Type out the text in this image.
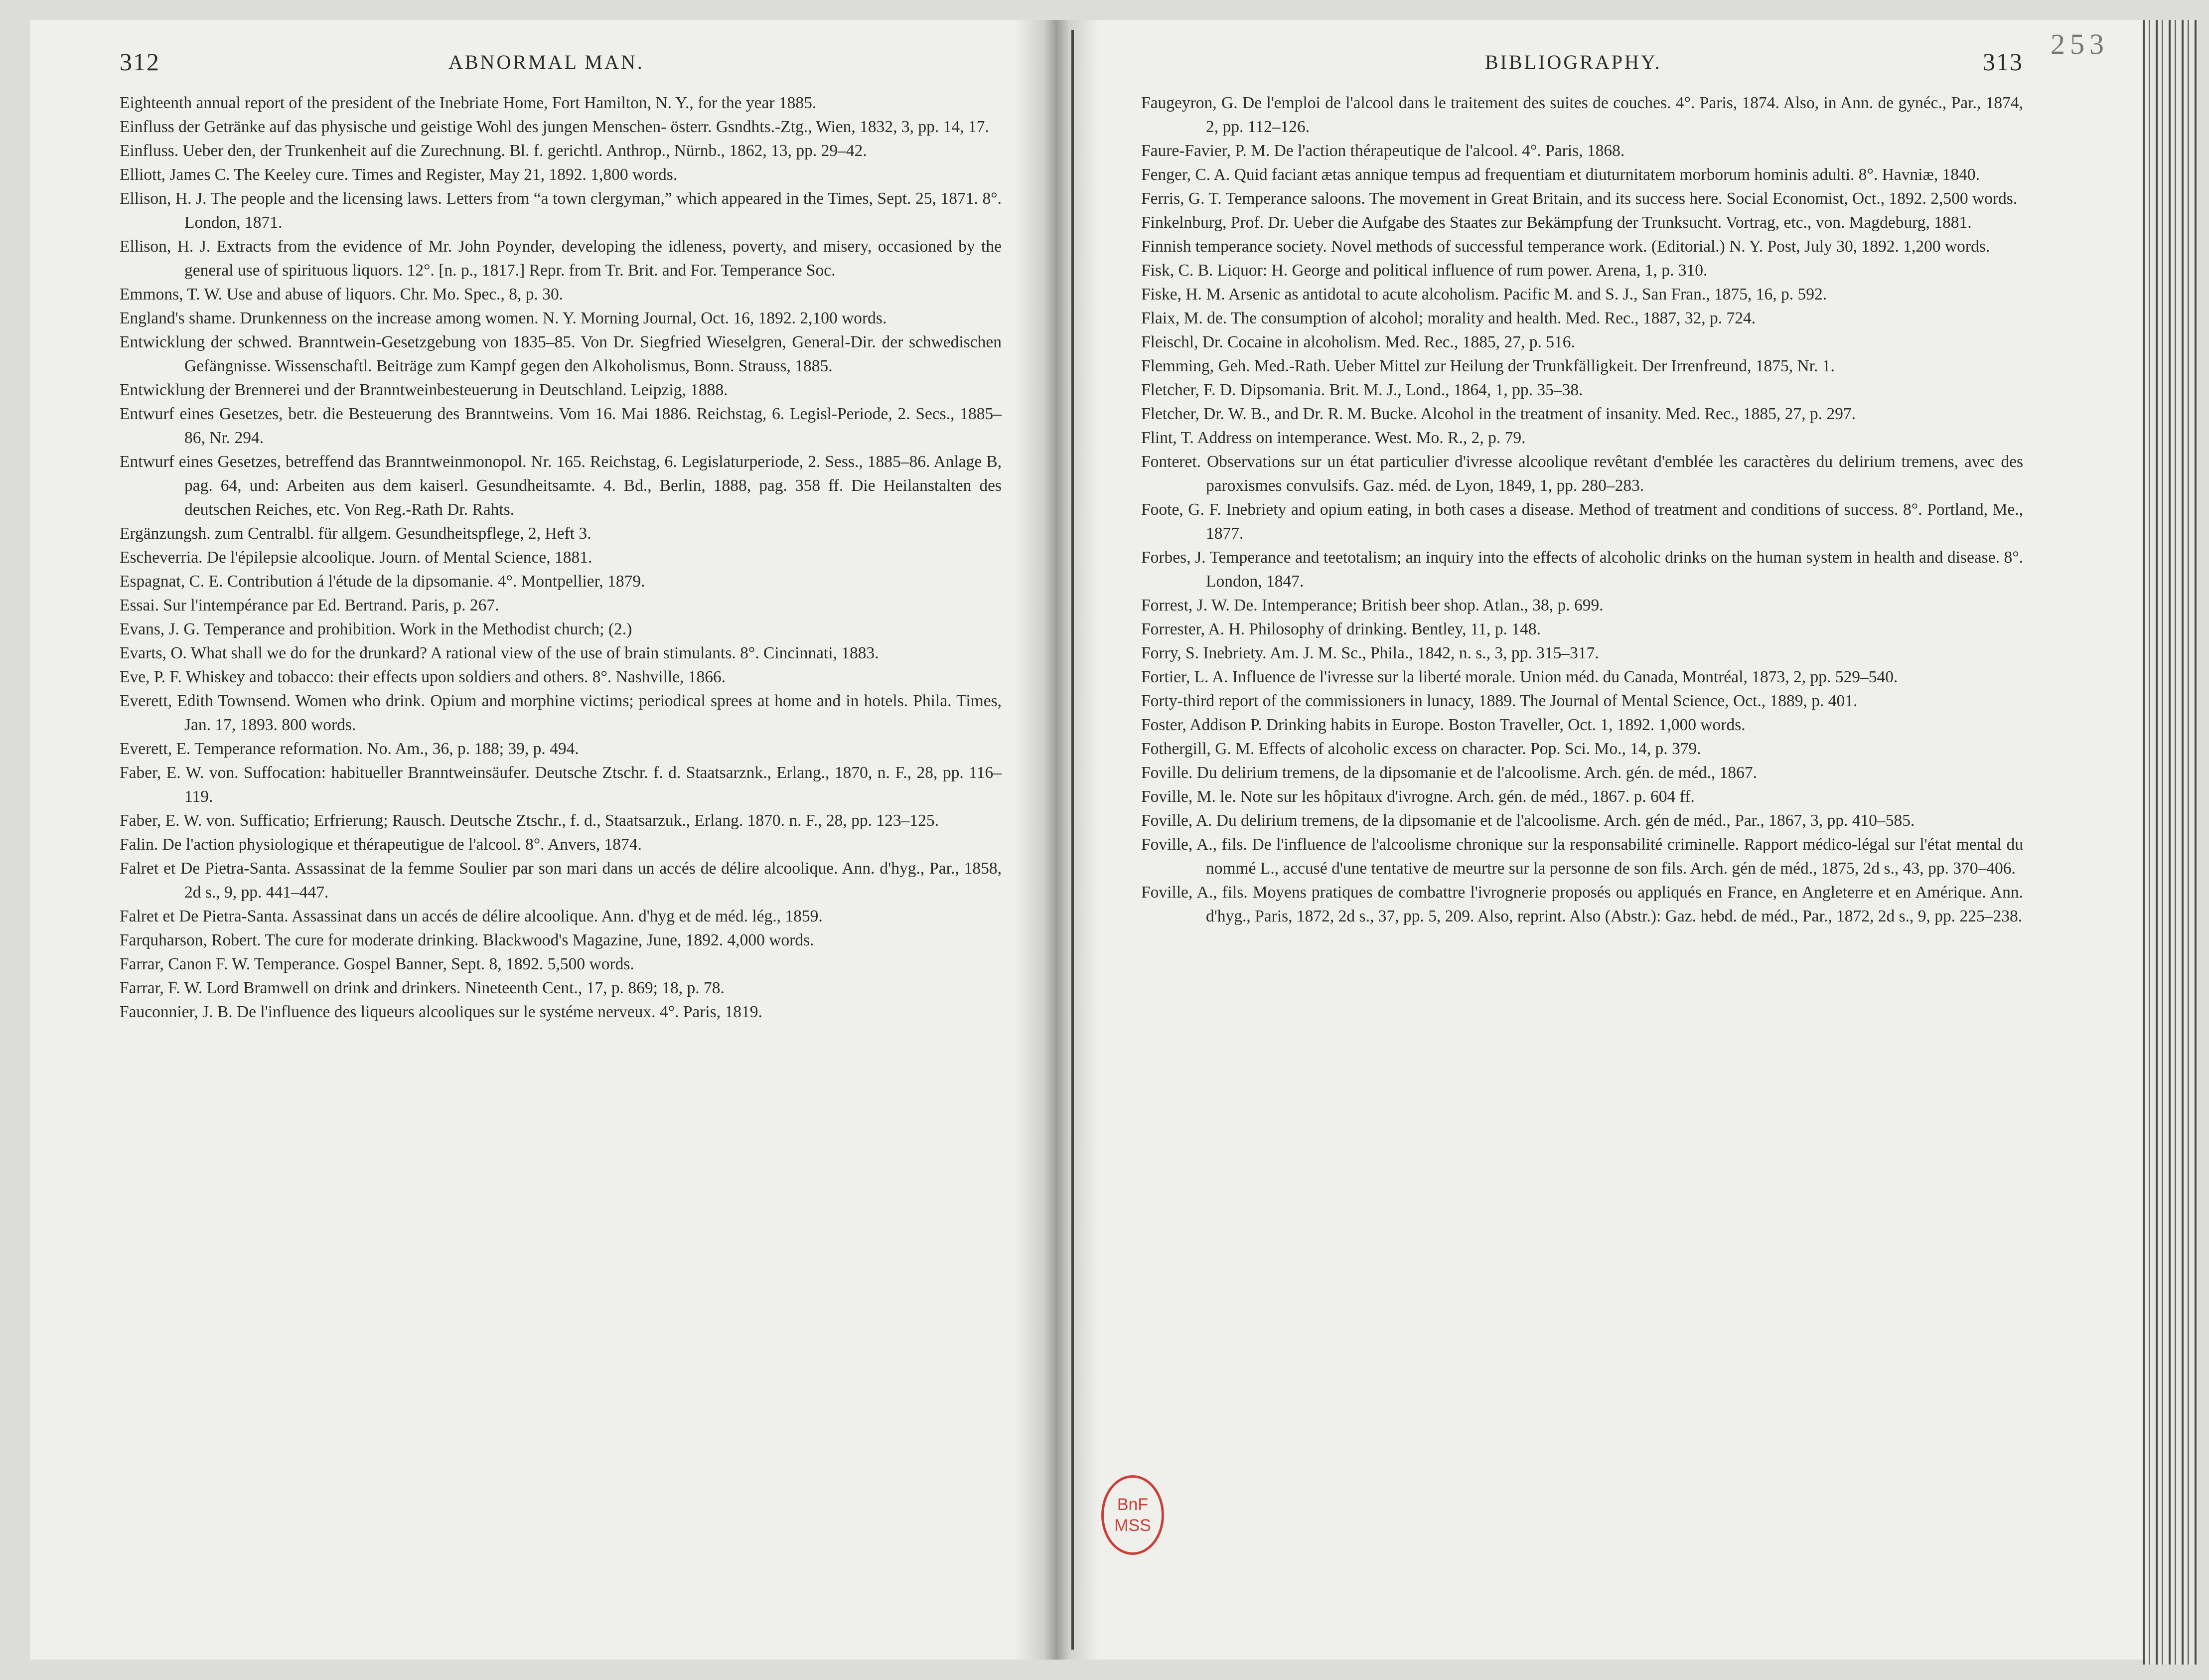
253
312	ABNORMAL MAN.
Eighteenth annual report of the president of the Inebriate Home, Fort Hamilton, N. Y., for the year 1885.
Einfluss der Getränke auf das physische und geistige Wohl des jungen Menschen- österr. Gsndhts.-Ztg., Wien, 1832, 3, pp. 14, 17.
Einfluss. Ueber den, der Trunkenheit auf die Zurechnung. Bl. f. gerichtl. Anthrop., Nürnb., 1862, 13, pp. 29–42.
Elliott, James C. The Keeley cure. Times and Register, May 21, 1892. 1,800 words.
Ellison, H. J. The people and the licensing laws. Letters from “a town clergyman,” which appeared in the Times, Sept. 25, 1871. 8°. London, 1871.
Ellison, H. J. Extracts from the evidence of Mr. John Poynder, developing the idleness, poverty, and misery, occasioned by the general use of spirituous liquors. 12°. [n. p., 1817.] Repr. from Tr. Brit. and For. Temperance Soc.
Emmons, T. W. Use and abuse of liquors. Chr. Mo. Spec., 8, p. 30.
England's shame. Drunkenness on the increase among women. N. Y. Morning Journal, Oct. 16, 1892. 2,100 words.
Entwicklung der schwed. Branntwein-Gesetzgebung von 1835–85. Von Dr. Siegfried Wieselgren, General-Dir. der schwedischen Gefängnisse. Wissenschaftl. Beiträge zum Kampf gegen den Alkoholismus, Bonn. Strauss, 1885.
Entwicklung der Brennerei und der Branntweinbesteuerung in Deutschland. Leipzig, 1888.
Entwurf eines Gesetzes, betr. die Besteuerung des Branntweins. Vom 16. Mai 1886. Reichstag, 6. Legisl-Periode, 2. Secs., 1885–86, Nr. 294.
Entwurf eines Gesetzes, betreffend das Branntweinmonopol. Nr. 165. Reichstag, 6. Legislaturperiode, 2. Sess., 1885–86. Anlage B, pag. 64, und: Arbeiten aus dem kaiserl. Gesundheitsamte. 4. Bd., Berlin, 1888, pag. 358 ff. Die Heilanstalten des deutschen Reiches, etc. Von Reg.-Rath Dr. Rahts.
Ergänzungsh. zum Centralbl. für allgem. Gesundheitspflege, 2, Heft 3.
Escheverria. De l'épilepsie alcoolique. Journ. of Mental Science, 1881.
Espagnat, C. E. Contribution á l'étude de la dipsomanie. 4°. Montpellier, 1879.
Essai. Sur l'intempérance par Ed. Bertrand. Paris, p. 267.
Evans, J. G. Temperance and prohibition. Work in the Methodist church; (2.)
Evarts, O. What shall we do for the drunkard? A rational view of the use of brain stimulants. 8°. Cincinnati, 1883.
Eve, P. F. Whiskey and tobacco: their effects upon soldiers and others. 8°. Nashville, 1866.
Everett, Edith Townsend. Women who drink. Opium and morphine victims; periodical sprees at home and in hotels. Phila. Times, Jan. 17, 1893. 800 words.
Everett, E. Temperance reformation. No. Am., 36, p. 188; 39, p. 494.
Faber, E. W. von. Suffocation: habitueller Branntweinsäufer. Deutsche Ztschr. f. d. Staatsarznk., Erlang., 1870, n. F., 28, pp. 116–119.
Faber, E. W. von. Sufficatio; Erfrierung; Rausch. Deutsche Ztschr., f. d., Staatsarzuk., Erlang. 1870. n. F., 28, pp. 123–125.
Falin. De l'action physiologique et thérapeutigue de l'alcool. 8°. Anvers, 1874.
Falret et De Pietra-Santa. Assassinat de la femme Soulier par son mari dans un accés de délire alcoolique. Ann. d'hyg., Par., 1858, 2d s., 9, pp. 441–447.
Falret et De Pietra-Santa. Assassinat dans un accés de délire alcoolique. Ann. d'hyg et de méd. lég., 1859.
Farquharson, Robert. The cure for moderate drinking. Blackwood's Magazine, June, 1892. 4,000 words.
Farrar, Canon F. W. Temperance. Gospel Banner, Sept. 8, 1892. 5,500 words.
Farrar, F. W. Lord Bramwell on drink and drinkers. Nineteenth Cent., 17, p. 869; 18, p. 78.
Fauconnier, J. B. De l'influence des liqueurs alcooliques sur le systéme nerveux. 4°. Paris, 1819.
BIBLIOGRAPHY.	313
Faugeyron, G. De l'emploi de l'alcool dans le traitement des suites de couches. 4°. Paris, 1874. Also, in Ann. de gynéc., Par., 1874, 2, pp. 112–126.
Faure-Favier, P. M. De l'action thérapeutique de l'alcool. 4°. Paris, 1868.
Fenger, C. A. Quid faciant ætas annique tempus ad frequentiam et diuturnitatem morborum hominis adulti. 8°. Havniæ, 1840.
Ferris, G. T. Temperance saloons. The movement in Great Britain, and its success here. Social Economist, Oct., 1892. 2,500 words.
Finkelnburg, Prof. Dr. Ueber die Aufgabe des Staates zur Bekämpfung der Trunksucht. Vortrag, etc., von. Magdeburg, 1881.
Finnish temperance society. Novel methods of successful temperance work. (Editorial.) N. Y. Post, July 30, 1892. 1,200 words.
Fisk, C. B. Liquor: H. George and political influence of rum power. Arena, 1, p. 310.
Fiske, H. M. Arsenic as antidotal to acute alcoholism. Pacific M. and S. J., San Fran., 1875, 16, p. 592.
Flaix, M. de. The consumption of alcohol; morality and health. Med. Rec., 1887, 32, p. 724.
Fleischl, Dr. Cocaine in alcoholism. Med. Rec., 1885, 27, p. 516.
Flemming, Geh. Med.-Rath. Ueber Mittel zur Heilung der Trunkfälligkeit. Der Irrenfreund, 1875, Nr. 1.
Fletcher, F. D. Dipsomania. Brit. M. J., Lond., 1864, 1, pp. 35–38.
Fletcher, Dr. W. B., and Dr. R. M. Bucke. Alcohol in the treatment of insanity. Med. Rec., 1885, 27, p. 297.
Flint, T. Address on intemperance. West. Mo. R., 2, p. 79.
Fonteret. Observations sur un état particulier d'ivresse alcoolique revêtant d'emblée les caractères du delirium tremens, avec des paroxismes convulsifs. Gaz. méd. de Lyon, 1849, 1, pp. 280–283.
Foote, G. F. Inebriety and opium eating, in both cases a disease. Method of treatment and conditions of success. 8°. Portland, Me., 1877.
Forbes, J. Temperance and teetotalism; an inquiry into the effects of alcoholic drinks on the human system in health and disease. 8°. London, 1847.
Forrest, J. W. De. Intemperance; British beer shop. Atlan., 38, p. 699.
Forrester, A. H. Philosophy of drinking. Bentley, 11, p. 148.
Forry, S. Inebriety. Am. J. M. Sc., Phila., 1842, n. s., 3, pp. 315–317.
Fortier, L. A. Influence de l'ivresse sur la liberté morale. Union méd. du Canada, Montréal, 1873, 2, pp. 529–540.
Forty-third report of the commissioners in lunacy, 1889. The Journal of Mental Science, Oct., 1889, p. 401.
Foster, Addison P. Drinking habits in Europe. Boston Traveller, Oct. 1, 1892. 1,000 words.
Fothergill, G. M. Effects of alcoholic excess on character. Pop. Sci. Mo., 14, p. 379.
Foville. Du delirium tremens, de la dipsomanie et de l'alcoolisme. Arch. gén. de méd., 1867.
Foville, M. le. Note sur les hôpitaux d'ivrogne. Arch. gén. de méd., 1867. p. 604 ff.
Foville, A. Du delirium tremens, de la dipsomanie et de l'alcoolisme. Arch. gén de méd., Par., 1867, 3, pp. 410–585.
Foville, A., fils. De l'influence de l'alcoolisme chronique sur la responsabilité criminelle. Rapport médico-légal sur l'état mental du nommé L., accusé d'une tentative de meurtre sur la personne de son fils. Arch. gén de méd., 1875, 2d s., 43, pp. 370–406.
Foville, A., fils. Moyens pratiques de combattre l'ivrognerie proposés ou appliqués en France, en Angleterre et en Amérique. Ann. d'hyg., Paris, 1872, 2d s., 37, pp. 5, 209. Also, reprint. Also (Abstr.): Gaz. hebd. de méd., Par., 1872, 2d s., 9, pp. 225–238.
BnF
MSS
